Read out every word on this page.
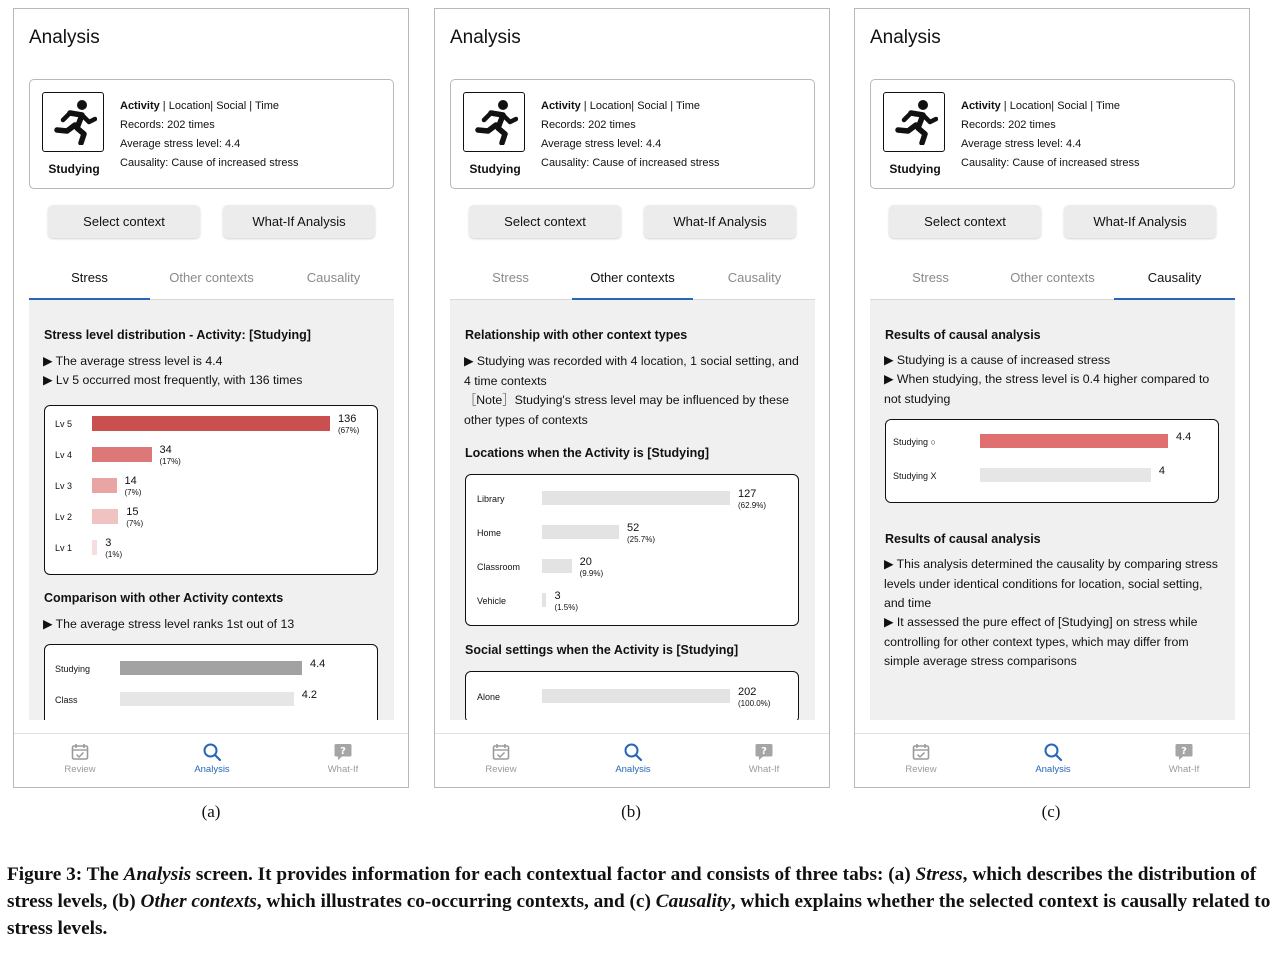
Analysis
Studying
Activity | Location| Social | Time
Records: 202 times
Average stress level: 4.4
Causality: Cause of increased stress
Select context	What-If Analysis
Stress	Other contexts	Causality
Stress level distribution - Activity: [Studying]
▶ The average stress level is 4.4
▶ Lv 5 occurred most frequently, with 136 times
Lv 5	136
(67%)
Lv 4	34
(17%)
Lv 3	14
(7%)
Lv 2	15
(7%)
Lv 1	3
(1%)
Comparison with other Activity contexts
▶ The average stress level ranks 1st out of 13
Studying	4.4
Class	4.2
Review	Analysis	What-If
Analysis
Studying
Activity | Location| Social | Time
Records: 202 times
Average stress level: 4.4
Causality: Cause of increased stress
Select context	What-If Analysis
Stress	Other contexts	Causality
Relationship with other context types
▶ Studying was recorded with 4 location, 1 social setting, and 4 time contexts
［Note］Studying's stress level may be influenced by these other types of contexts
Locations when the Activity is [Studying]
Library	127
(62.9%)
Home	52
(25.7%)
Classroom	20
(9.9%)
Vehicle	3
(1.5%)
Social settings when the Activity is [Studying]
Alone	202
(100.0%)
Review	Analysis	What-If
Analysis
Studying
Activity | Location| Social | Time
Records: 202 times
Average stress level: 4.4
Causality: Cause of increased stress
Select context	What-If Analysis
Stress	Other contexts	Causality
Results of causal analysis
▶ Studying is a cause of increased stress
▶ When studying, the stress level is 0.4 higher compared to not studying
Studying ○	4.4
Studying X	4
Results of causal analysis
▶ This analysis determined the causality by comparing stress levels under identical conditions for location, social setting, and time
▶ It assessed the pure effect of [Studying] on stress while controlling for other context types, which may differ from simple average stress comparisons
Review	Analysis	What-If
(a)	(b)	(c)
Figure 3: The Analysis screen. It provides information for each contextual factor and consists of three tabs: (a) Stress, which describes the distribution of stress levels, (b) Other contexts, which illustrates co-occurring contexts, and (c) Causality, which explains whether the selected context is causally related to stress levels.
